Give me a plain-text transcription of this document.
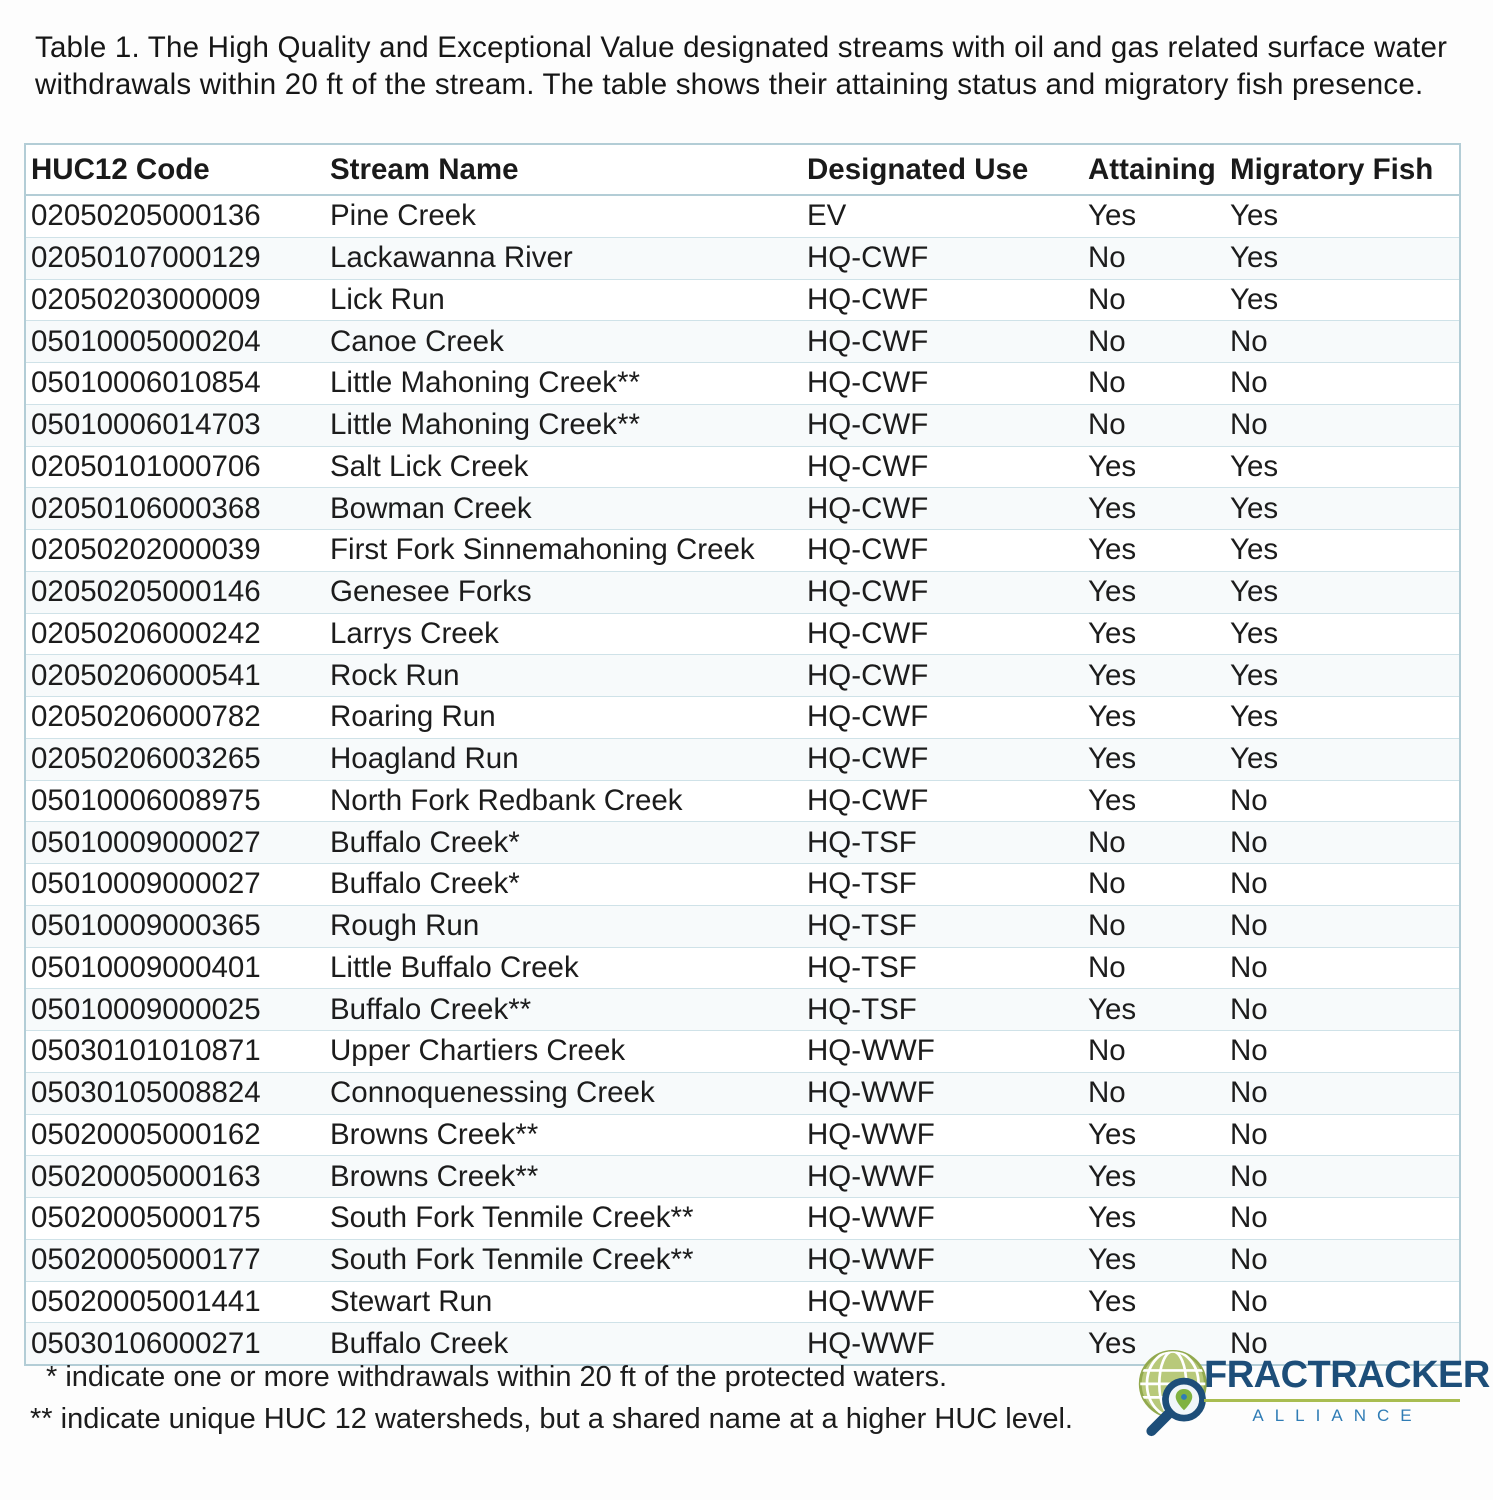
Table 1. The High Quality and Exceptional Value designated streams with oil and gas related surface water
withdrawals within 20 ft of the stream. The table shows their attaining status and migratory fish presence.
HUC12 Code	Stream Name	Designated Use	Attaining	Migratory Fish
02050205000136	Pine Creek	EV	Yes	Yes
02050107000129	Lackawanna River	HQ-CWF	No	Yes
02050203000009	Lick Run	HQ-CWF	No	Yes
05010005000204	Canoe Creek	HQ-CWF	No	No
05010006010854	Little Mahoning Creek**	HQ-CWF	No	No
05010006014703	Little Mahoning Creek**	HQ-CWF	No	No
02050101000706	Salt Lick Creek	HQ-CWF	Yes	Yes
02050106000368	Bowman Creek	HQ-CWF	Yes	Yes
02050202000039	First Fork Sinnemahoning Creek	HQ-CWF	Yes	Yes
02050205000146	Genesee Forks	HQ-CWF	Yes	Yes
02050206000242	Larrys Creek	HQ-CWF	Yes	Yes
02050206000541	Rock Run	HQ-CWF	Yes	Yes
02050206000782	Roaring Run	HQ-CWF	Yes	Yes
02050206003265	Hoagland Run	HQ-CWF	Yes	Yes
05010006008975	North Fork Redbank Creek	HQ-CWF	Yes	No
05010009000027	Buffalo Creek*	HQ-TSF	No	No
05010009000027	Buffalo Creek*	HQ-TSF	No	No
05010009000365	Rough Run	HQ-TSF	No	No
05010009000401	Little Buffalo Creek	HQ-TSF	No	No
05010009000025	Buffalo Creek**	HQ-TSF	Yes	No
05030101010871	Upper Chartiers Creek	HQ-WWF	No	No
05030105008824	Connoquenessing Creek	HQ-WWF	No	No
05020005000162	Browns Creek**	HQ-WWF	Yes	No
05020005000163	Browns Creek**	HQ-WWF	Yes	No
05020005000175	South Fork Tenmile Creek**	HQ-WWF	Yes	No
05020005000177	South Fork Tenmile Creek**	HQ-WWF	Yes	No
05020005001441	Stewart Run	HQ-WWF	Yes	No
05030106000271	Buffalo Creek	HQ-WWF	Yes	No
* indicate one or more withdrawals within 20 ft of the protected waters.
** indicate unique HUC 12 watersheds, but a shared name at a higher HUC level.
FRACTRACKER
ALLIANCE
